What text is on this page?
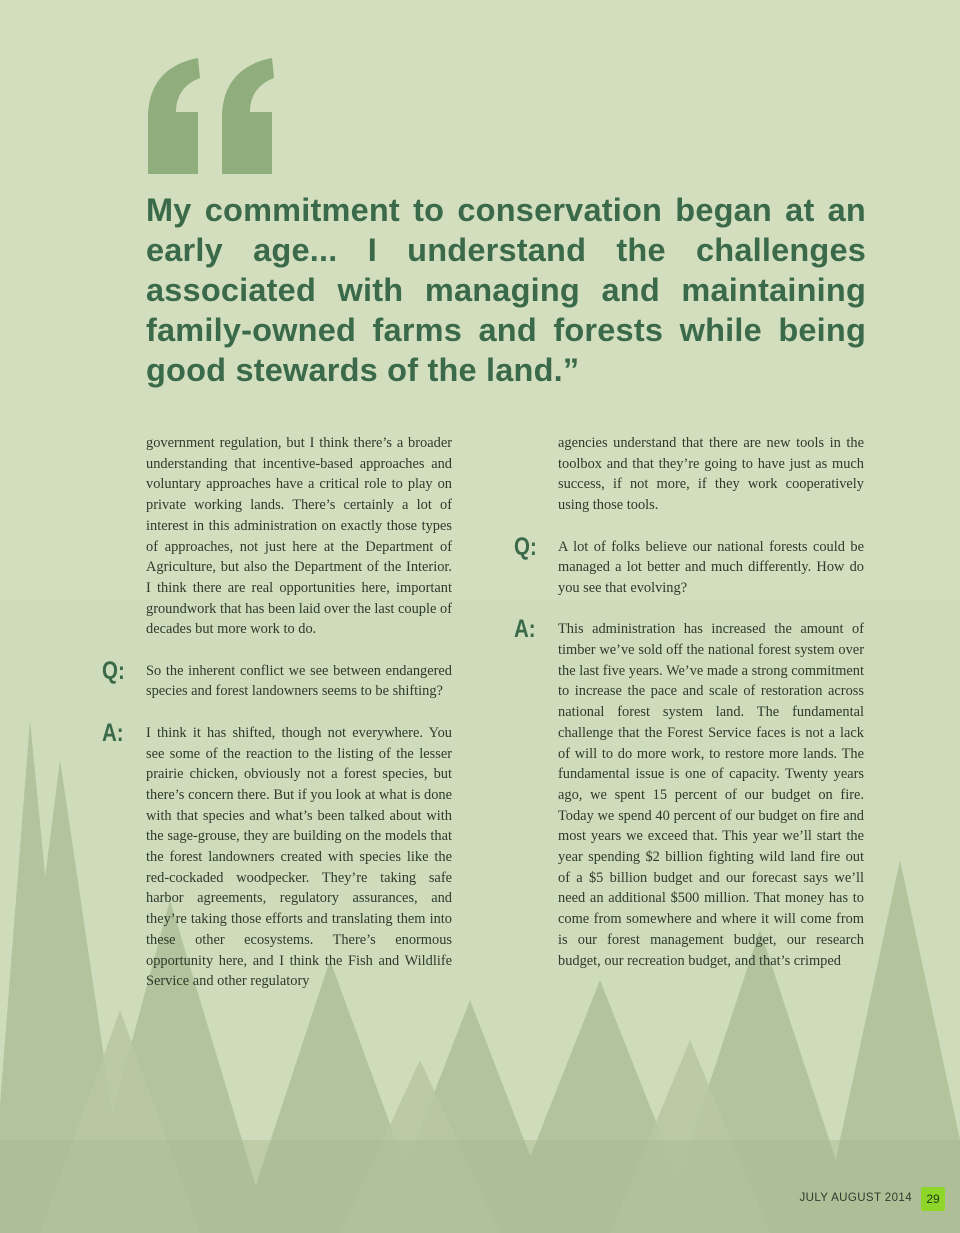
My commitment to conservation began at an early age... I understand the challenges associated with managing and maintaining family-owned farms and forests while being good stewards of the land.”

government regulation, but I think there’s a broader understanding that incentive-based approaches and voluntary approaches have a critical role to play on private working lands. There’s certainly a lot of interest in this administration on exactly those types of approaches, not just here at the Department of Agriculture, but also the Department of the Interior. I think there are real opportunities here, important groundwork that has been laid over the last couple of decades but more work to do.

Q: So the inherent conflict we see between endangered species and forest landowners seems to be shifting?

A: I think it has shifted, though not everywhere. You see some of the reaction to the listing of the lesser prairie chicken, obviously not a forest species, but there’s concern there. But if you look at what is done with that species and what’s been talked about with the sage-grouse, they are building on the models that the forest landowners created with species like the red-cockaded woodpecker. They’re taking safe harbor agreements, regulatory assurances, and they’re taking those efforts and translating them into these other ecosystems. There’s enormous opportunity here, and I think the Fish and Wildlife Service and other regulatory

agencies understand that there are new tools in the toolbox and that they’re going to have just as much success, if not more, if they work cooperatively using those tools.

Q: A lot of folks believe our national forests could be managed a lot better and much differently. How do you see that evolving?

A: This administration has increased the amount of timber we’ve sold off the national forest system over the last five years. We’ve made a strong commitment to increase the pace and scale of restoration across national forest system land. The fundamental challenge that the Forest Service faces is not a lack of will to do more work, to restore more lands. The fundamental issue is one of capacity. Twenty years ago, we spent 15 percent of our budget on fire. Today we spend 40 percent of our budget on fire and most years we exceed that. This year we’ll start the year spending $2 billion fighting wild land fire out of a $5 billion budget and our forecast says we’ll need an additional $500 million. That money has to come from somewhere and where it will come from is our forest management budget, our research budget, our recreation budget, and that’s crimped

JULY AUGUST 2014	29
